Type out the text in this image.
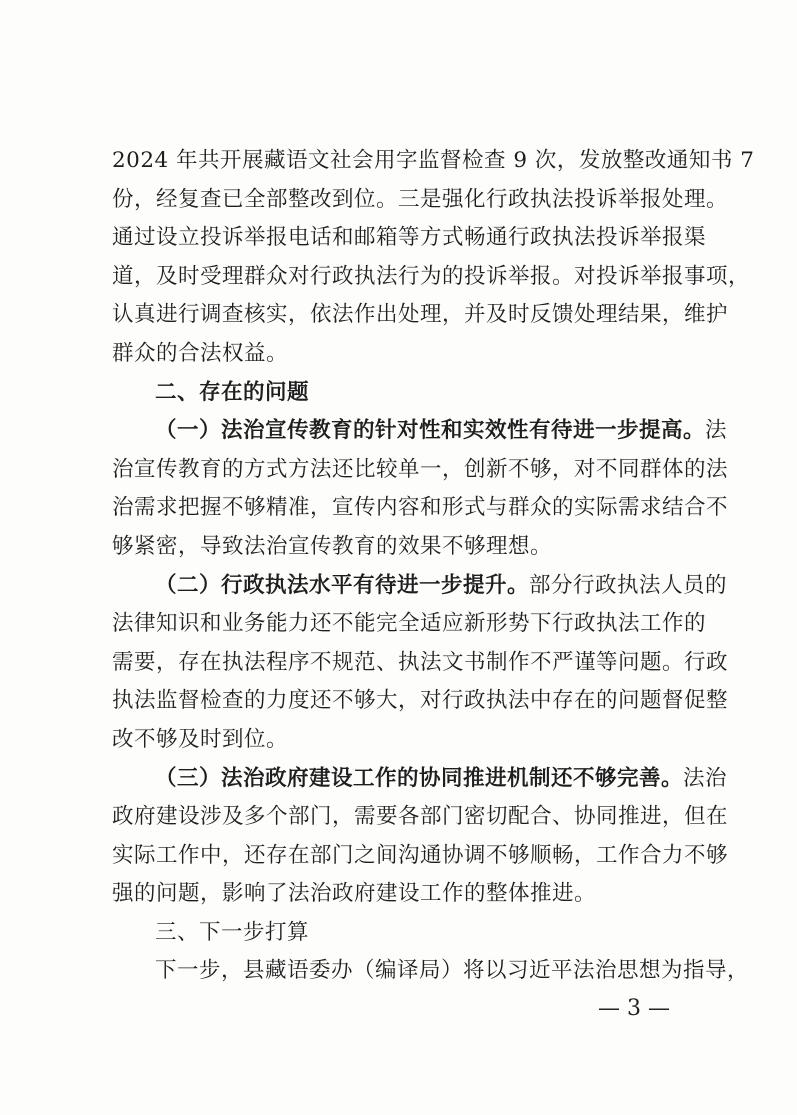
2024 年共开展藏语文社会用字监督检查 9 次，发放整改通知书 7
份，经复查已全部整改到位。三是强化行政执法投诉举报处理。
通过设立投诉举报电话和邮箱等方式畅通行政执法投诉举报渠
道，及时受理群众对行政执法行为的投诉举报。对投诉举报事项，
认真进行调查核实，依法作出处理，并及时反馈处理结果，维护
群众的合法权益。
二、存在的问题
（一）法治宣传教育的针对性和实效性有待进一步提高。法
治宣传教育的方式方法还比较单一，创新不够，对不同群体的法
治需求把握不够精准，宣传内容和形式与群众的实际需求结合不
够紧密，导致法治宣传教育的效果不够理想。
（二）行政执法水平有待进一步提升。部分行政执法人员的
法律知识和业务能力还不能完全适应新形势下行政执法工作的
需要，存在执法程序不规范、执法文书制作不严谨等问题。行政
执法监督检查的力度还不够大，对行政执法中存在的问题督促整
改不够及时到位。
（三）法治政府建设工作的协同推进机制还不够完善。法治
政府建设涉及多个部门，需要各部门密切配合、协同推进，但在
实际工作中，还存在部门之间沟通协调不够顺畅，工作合力不够
强的问题，影响了法治政府建设工作的整体推进。
三、下一步打算
下一步，县藏语委办（编译局）将以习近平法治思想为指导，
— 3 —
